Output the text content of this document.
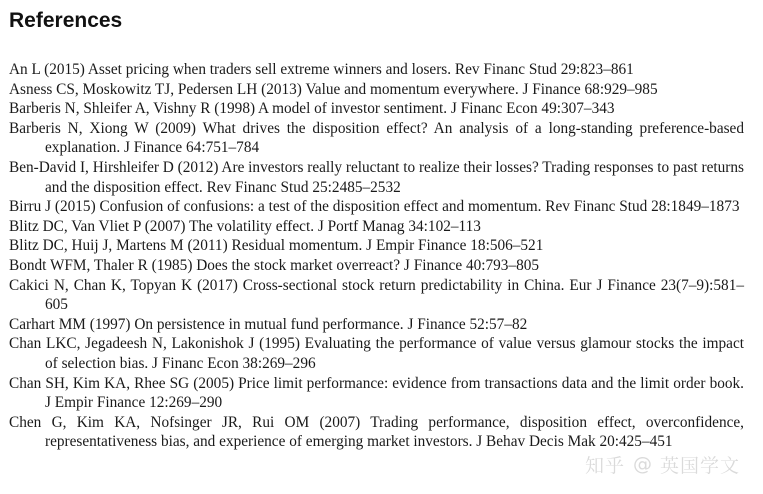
References
An L (2015) Asset pricing when traders sell extreme winners and losers. Rev Financ Stud 29:823–861
Asness CS, Moskowitz TJ, Pedersen LH (2013) Value and momentum everywhere. J Finance 68:929–985
Barberis N, Shleifer A, Vishny R (1998) A model of investor sentiment. J Financ Econ 49:307–343
Barberis N, Xiong W (2009) What drives the disposition effect? An analysis of a long-standing preference-based explanation. J Finance 64:751–784
Ben-David I, Hirshleifer D (2012) Are investors really reluctant to realize their losses? Trading responses to past returns and the disposition effect. Rev Financ Stud 25:2485–2532
Birru J (2015) Confusion of confusions: a test of the disposition effect and momentum. Rev Financ Stud 28:1849–1873
Blitz DC, Van Vliet P (2007) The volatility effect. J Portf Manag 34:102–113
Blitz DC, Huij J, Martens M (2011) Residual momentum. J Empir Finance 18:506–521
Bondt WFM, Thaler R (1985) Does the stock market overreact? J Finance 40:793–805
Cakici N, Chan K, Topyan K (2017) Cross-sectional stock return predictability in China. Eur J Finance 23(7–9):581–605
Carhart MM (1997) On persistence in mutual fund performance. J Finance 52:57–82
Chan LKC, Jegadeesh N, Lakonishok J (1995) Evaluating the performance of value versus glamour stocks the impact of selection bias. J Financ Econ 38:269–296
Chan SH, Kim KA, Rhee SG (2005) Price limit performance: evidence from transactions data and the limit order book. J Empir Finance 12:269–290
Chen G, Kim KA, Nofsinger JR, Rui OM (2007) Trading performance, disposition effect, overconfidence, representativeness bias, and experience of emerging market investors. J Behav Decis Mak 20:425–451
知乎 @ 英国学文
